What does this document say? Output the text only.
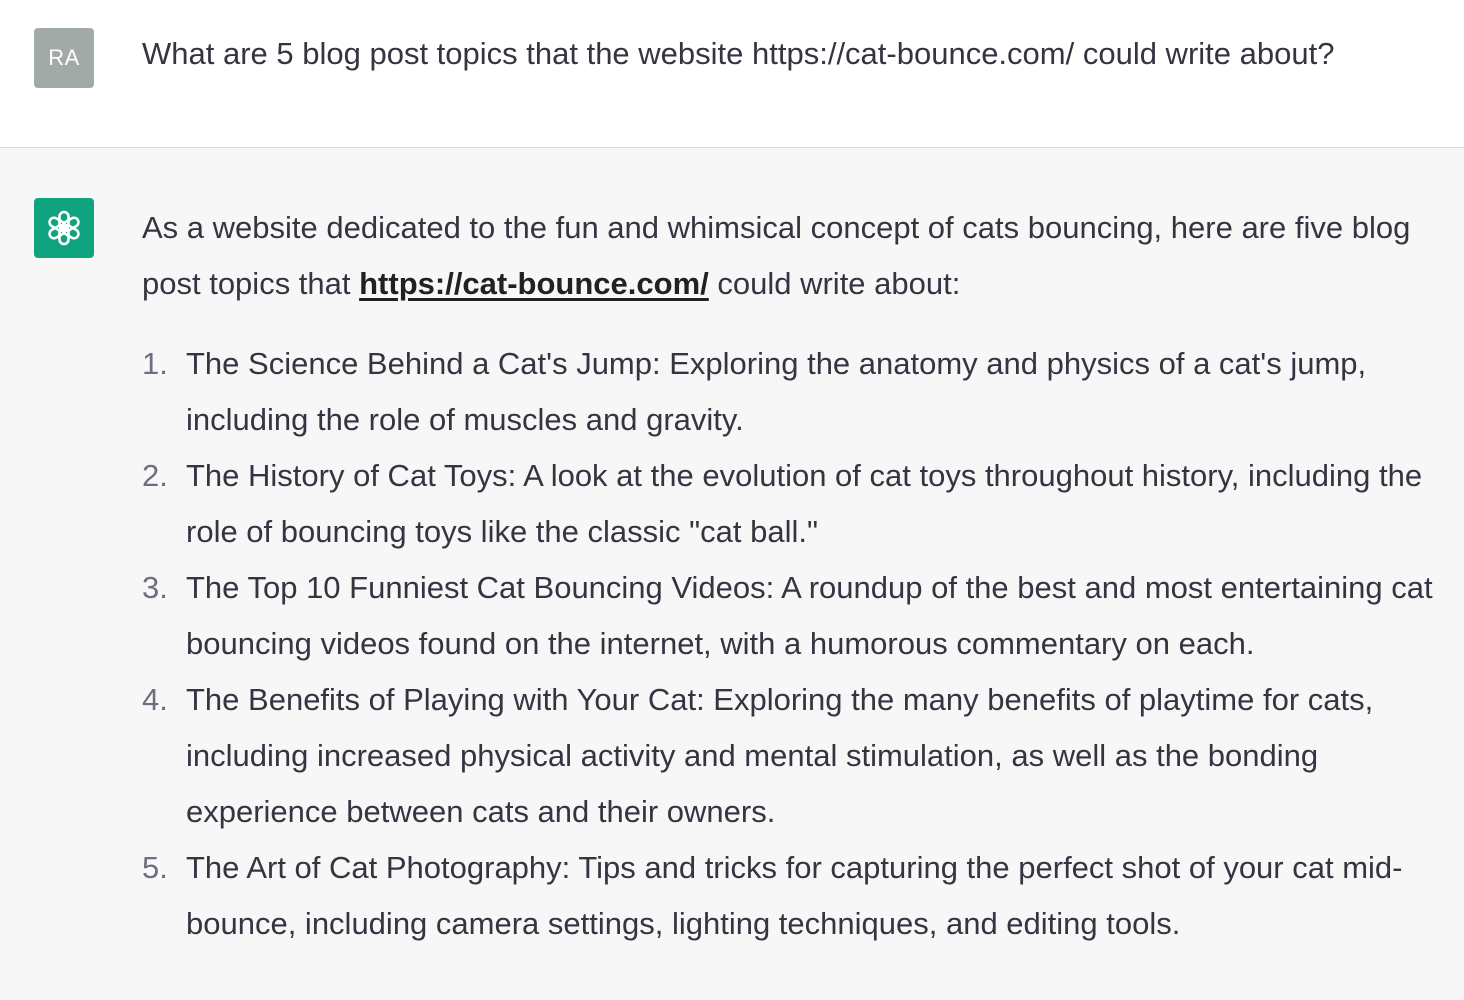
RA	What are 5 blog post topics that the website https://cat-bounce.com/ could write about?

As a website dedicated to the fun and whimsical concept of cats bouncing, here are five blog post topics that https://cat-bounce.com/ could write about:

1. The Science Behind a Cat's Jump: Exploring the anatomy and physics of a cat's jump, including the role of muscles and gravity.
2. The History of Cat Toys: A look at the evolution of cat toys throughout history, including the role of bouncing toys like the classic "cat ball."
3. The Top 10 Funniest Cat Bouncing Videos: A roundup of the best and most entertaining cat bouncing videos found on the internet, with a humorous commentary on each.
4. The Benefits of Playing with Your Cat: Exploring the many benefits of playtime for cats, including increased physical activity and mental stimulation, as well as the bonding experience between cats and their owners.
5. The Art of Cat Photography: Tips and tricks for capturing the perfect shot of your cat mid-bounce, including camera settings, lighting techniques, and editing tools.
